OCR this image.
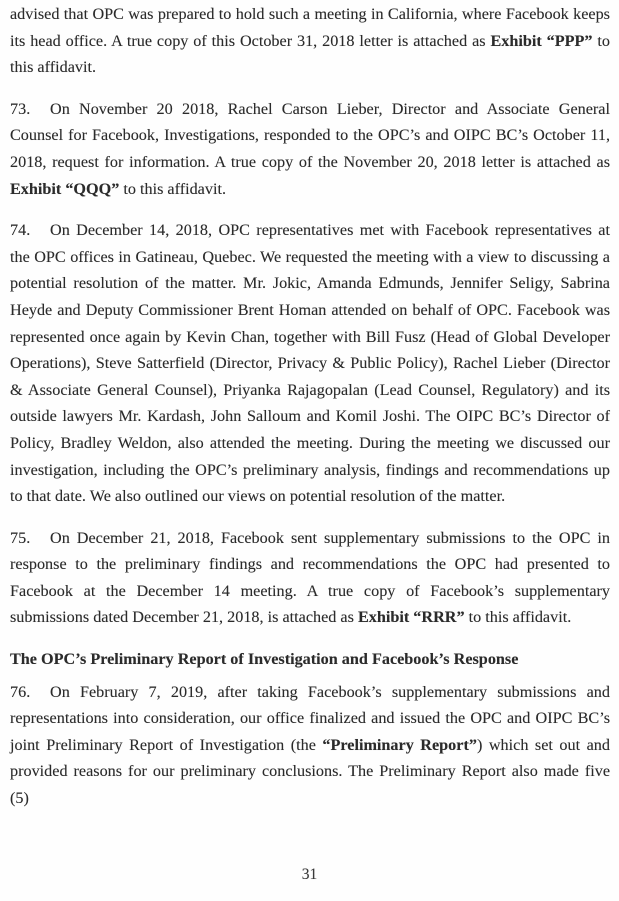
advised that OPC was prepared to hold such a meeting in California, where Facebook keeps its head office. A true copy of this October 31, 2018 letter is attached as Exhibit “PPP” to this affidavit.

73. On November 20 2018, Rachel Carson Lieber, Director and Associate General Counsel for Facebook, Investigations, responded to the OPC’s and OIPC BC’s October 11, 2018, request for information. A true copy of the November 20, 2018 letter is attached as Exhibit “QQQ” to this affidavit.

74. On December 14, 2018, OPC representatives met with Facebook representatives at the OPC offices in Gatineau, Quebec. We requested the meeting with a view to discussing a potential resolution of the matter. Mr. Jokic, Amanda Edmunds, Jennifer Seligy, Sabrina Heyde and Deputy Commissioner Brent Homan attended on behalf of OPC. Facebook was represented once again by Kevin Chan, together with Bill Fusz (Head of Global Developer Operations), Steve Satterfield (Director, Privacy & Public Policy), Rachel Lieber (Director & Associate General Counsel), Priyanka Rajagopalan (Lead Counsel, Regulatory) and its outside lawyers Mr. Kardash, John Salloum and Komil Joshi. The OIPC BC’s Director of Policy, Bradley Weldon, also attended the meeting. During the meeting we discussed our investigation, including the OPC’s preliminary analysis, findings and recommendations up to that date. We also outlined our views on potential resolution of the matter.

75. On December 21, 2018, Facebook sent supplementary submissions to the OPC in response to the preliminary findings and recommendations the OPC had presented to Facebook at the December 14 meeting. A true copy of Facebook’s supplementary submissions dated December 21, 2018, is attached as Exhibit “RRR” to this affidavit.

The OPC’s Preliminary Report of Investigation and Facebook’s Response

76. On February 7, 2019, after taking Facebook’s supplementary submissions and representations into consideration, our office finalized and issued the OPC and OIPC BC’s joint Preliminary Report of Investigation (the “Preliminary Report”) which set out and provided reasons for our preliminary conclusions. The Preliminary Report also made five (5)

31
